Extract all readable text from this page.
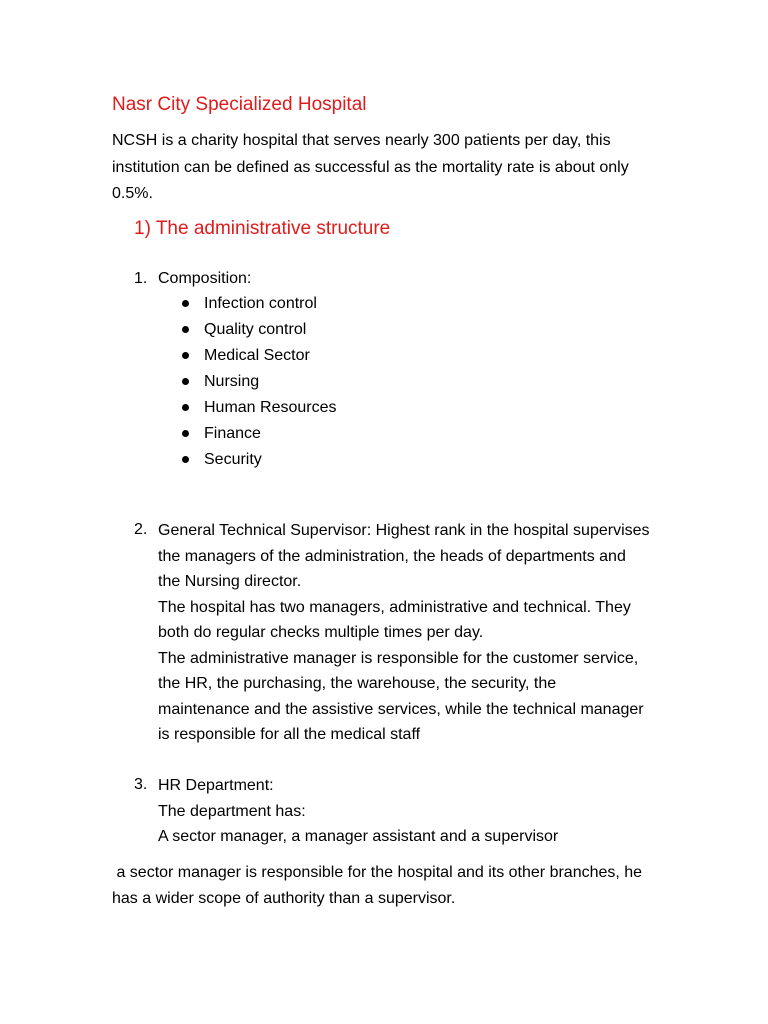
Nasr City Specialized Hospital
NCSH is a charity hospital that serves nearly 300 patients per day, this
institution can be defined as successful as the mortality rate is about only
0.5%.
1) The administrative structure
1. Composition:
Infection control
Quality control
Medical Sector
Nursing
Human Resources
Finance
Security
2. General Technical Supervisor: Highest rank in the hospital supervises
the managers of the administration, the heads of departments and
the Nursing director.
The hospital has two managers, administrative and technical. They
both do regular checks multiple times per day.
The administrative manager is responsible for the customer service,
the HR, the purchasing, the warehouse, the security, the
maintenance and the assistive services, while the technical manager
is responsible for all the medical staff
3. HR Department:
The department has:
A sector manager, a manager assistant and a supervisor
a sector manager is responsible for the hospital and its other branches, he
has a wider scope of authority than a supervisor.
